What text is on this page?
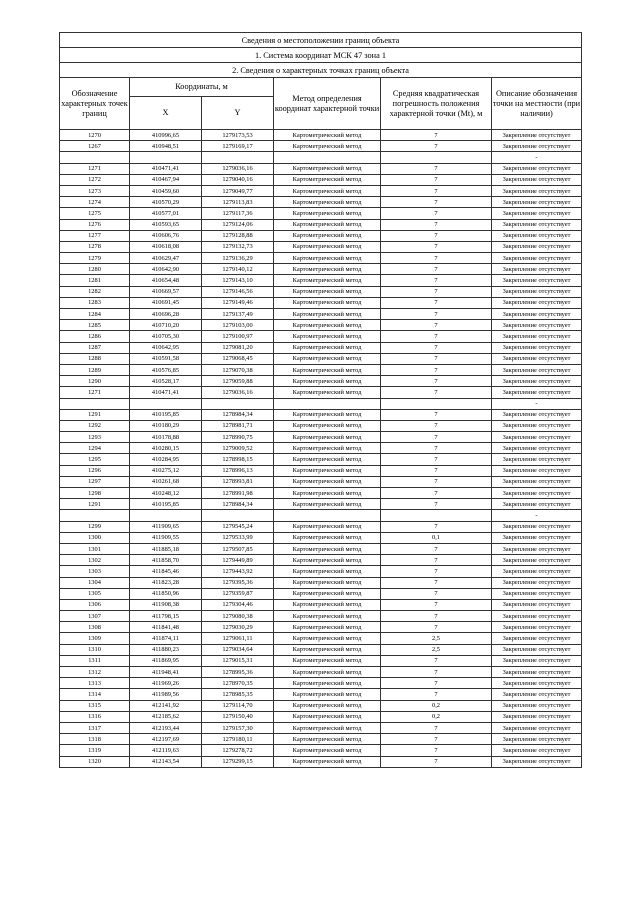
Сведения о местоположении границ объекта					
1. Система координат МСК 47 зона 1					
2. Сведения о характерных точках границ объекта					
Обозначение характерных точек границ	Координаты, м		Метод определения координат характерной точки	Средняя квадратическая погрешность положения характерной точки (Mt), м	Описание обозначения точки на местности (при наличии)
	X	Y			
1270	410996,65	1279173,53	Картометрический метод	7	Закрепление отсутствует
1267	410948,51	1279169,17	Картометрический метод	7	Закрепление отсутствует
					-
1271	410471,41	1279036,16	Картометрический метод	7	Закрепление отсутствует
1272	410467,94	1279040,16	Картометрический метод	7	Закрепление отсутствует
1273	410459,60	1279049,77	Картометрический метод	7	Закрепление отсутствует
1274	410570,29	1279113,83	Картометрический метод	7	Закрепление отсутствует
1275	410577,01	1279117,36	Картометрический метод	7	Закрепление отсутствует
1276	410593,65	1279124,06	Картометрический метод	7	Закрепление отсутствует
1277	410606,76	1279128,88	Картометрический метод	7	Закрепление отсутствует
1278	410618,08	1279132,73	Картометрический метод	7	Закрепление отсутствует
1279	410629,47	1279136,29	Картометрический метод	7	Закрепление отсутствует
1280	410642,90	1279140,12	Картометрический метод	7	Закрепление отсутствует
1281	410654,48	1279143,10	Картометрический метод	7	Закрепление отсутствует
1282	410669,57	1279146,56	Картометрический метод	7	Закрепление отсутствует
1283	410691,45	1279149,46	Картометрический метод	7	Закрепление отсутствует
1284	410696,28	1279137,49	Картометрический метод	7	Закрепление отсутствует
1285	410710,20	1279103,00	Картометрический метод	7	Закрепление отсутствует
1286	410705,30	1279100,97	Картометрический метод	7	Закрепление отсутствует
1287	410642,95	1279081,20	Картометрический метод	7	Закрепление отсутствует
1288	410591,58	1279068,45	Картометрический метод	7	Закрепление отсутствует
1289	410576,85	1279070,38	Картометрический метод	7	Закрепление отсутствует
1290	410528,17	1279059,88	Картометрический метод	7	Закрепление отсутствует
1271	410471,41	1279036,16	Картометрический метод	7	Закрепление отсутствует
					-
1291	410195,85	1278984,34	Картометрический метод	7	Закрепление отсутствует
1292	410180,29	1278981,71	Картометрический метод	7	Закрепление отсутствует
1293	410178,88	1278990,75	Картометрический метод	7	Закрепление отсутствует
1294	410280,15	1279009,52	Картометрический метод	7	Закрепление отсутствует
1295	410284,95	1278998,15	Картометрический метод	7	Закрепление отсутствует
1296	410275,12	1278996,13	Картометрический метод	7	Закрепление отсутствует
1297	410261,68	1278993,81	Картометрический метод	7	Закрепление отсутствует
1298	410248,12	1278991,98	Картометрический метод	7	Закрепление отсутствует
1291	410195,85	1278984,34	Картометрический метод	7	Закрепление отсутствует
					-
1299	411909,65	1279545,24	Картометрический метод	7	Закрепление отсутствует
1300	411909,55	1279533,99	Картометрический метод	0,1	Закрепление отсутствует
1301	411885,18	1279507,85	Картометрический метод	7	Закрепление отсутствует
1302	411858,70	1279449,89	Картометрический метод	7	Закрепление отсутствует
1303	411845,46	1279443,92	Картометрический метод	7	Закрепление отсутствует
1304	411823,28	1279395,36	Картометрический метод	7	Закрепление отсутствует
1305	411850,96	1279359,87	Картометрический метод	7	Закрепление отсутствует
1306	411908,38	1279304,46	Картометрический метод	7	Закрепление отсутствует
1307	411798,15	1279080,38	Картометрический метод	7	Закрепление отсутствует
1308	411841,48	1279030,29	Картометрический метод	7	Закрепление отсутствует
1309	411874,11	1279061,11	Картометрический метод	2,5	Закрепление отсутствует
1310	411880,23	1279034,64	Картометрический метод	2,5	Закрепление отсутствует
1311	411869,95	1279015,31	Картометрический метод	7	Закрепление отсутствует
1312	411948,41	1278995,36	Картометрический метод	7	Закрепление отсутствует
1313	411969,26	1278970,35	Картометрический метод	7	Закрепление отсутствует
1314	411989,56	1278985,35	Картометрический метод	7	Закрепление отсутствует
1315	412141,92	1279114,70	Картометрический метод	0,2	Закрепление отсутствует
1316	412185,62	1279150,40	Картометрический метод	0,2	Закрепление отсутствует
1317	412193,44	1279157,30	Картометрический метод	7	Закрепление отсутствует
1318	412197,69	1279180,11	Картометрический метод	7	Закрепление отсутствует
1319	412119,63	1279278,72	Картометрический метод	7	Закрепление отсутствует
1320	412143,54	1279299,15	Картометрический метод	7	Закрепление отсутствует
